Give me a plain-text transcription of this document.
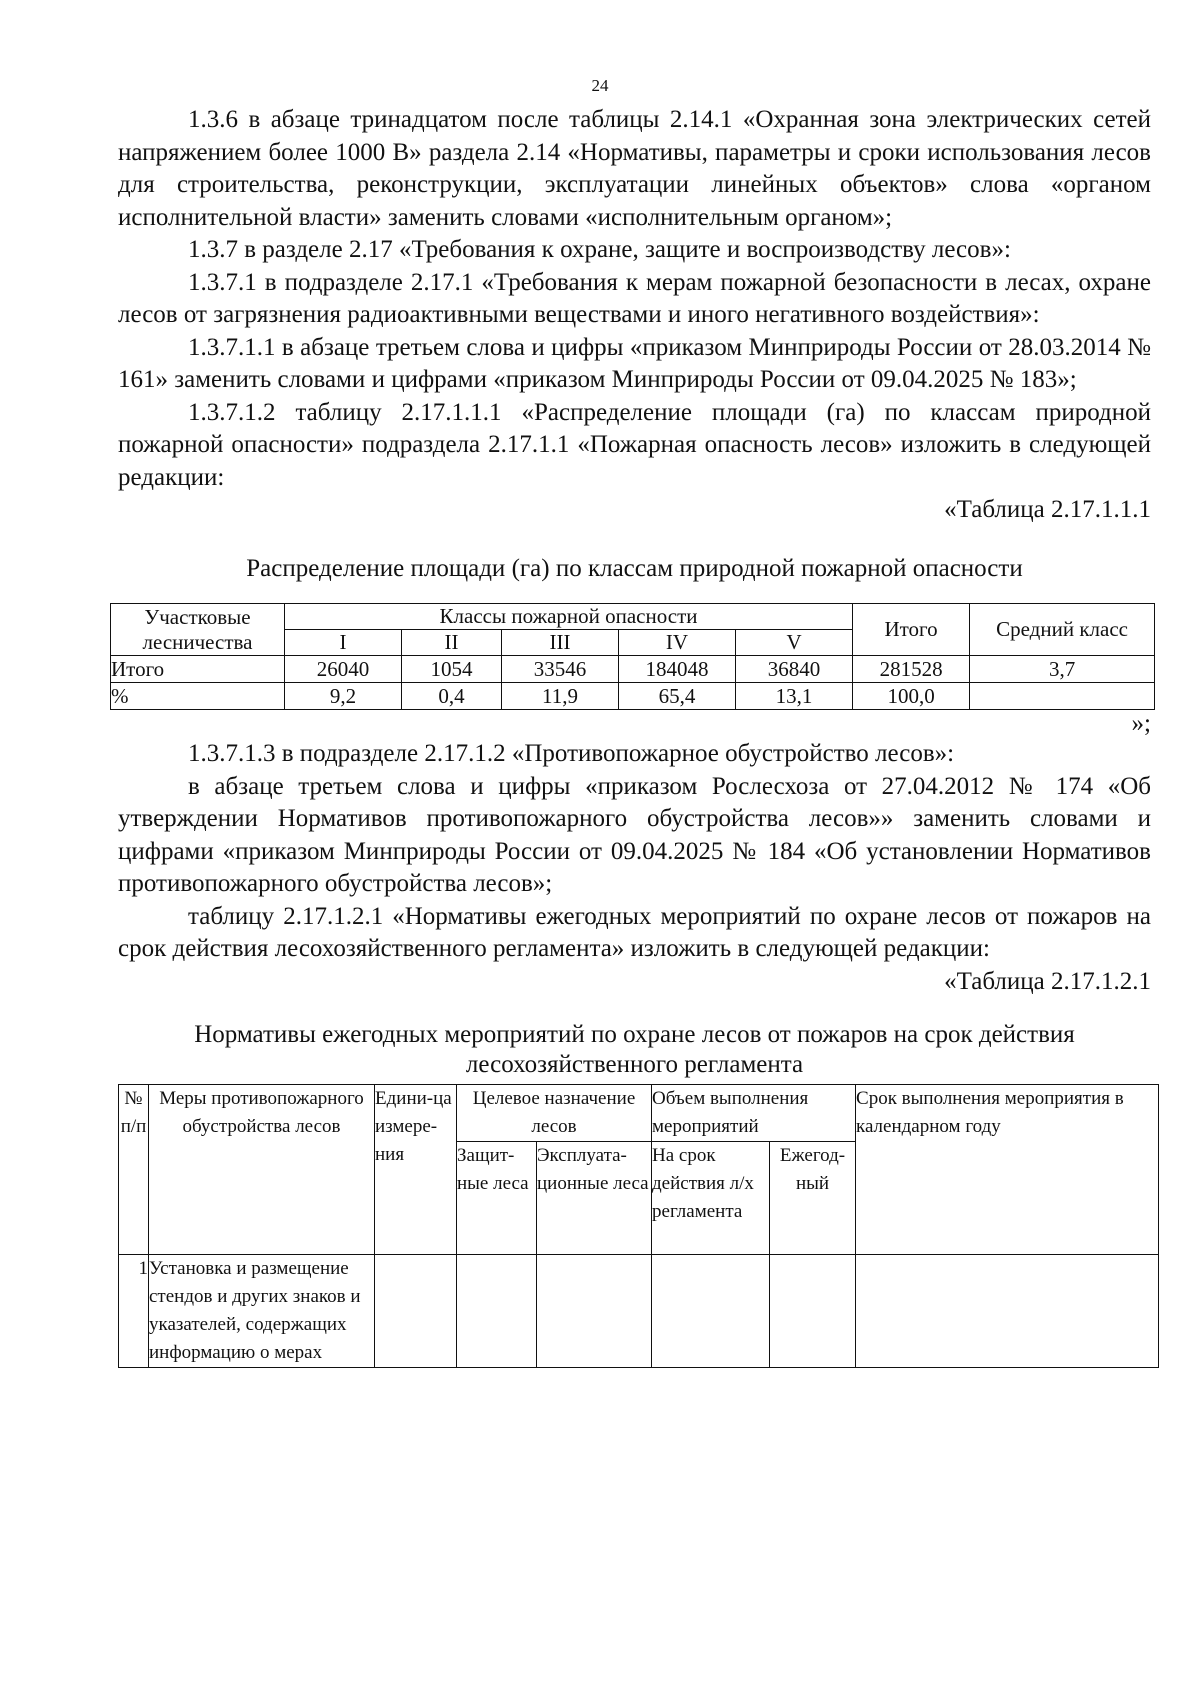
24

1.3.6 в абзаце тринадцатом после таблицы 2.14.1 «Охранная зона электрических сетей напряжением более 1000 В» раздела 2.14 «Нормативы, параметры и сроки использования лесов для строительства, реконструкции, эксплуатации линейных объектов» слова «органом исполнительной власти» заменить словами «исполнительным органом»;

1.3.7 в разделе 2.17 «Требования к охране, защите и воспроизводству лесов»:

1.3.7.1 в подразделе 2.17.1 «Требования к мерам пожарной безопасности в лесах, охране лесов от загрязнения радиоактивными веществами и иного негативного воздействия»:

1.3.7.1.1 в абзаце третьем слова и цифры «приказом Минприроды России от 28.03.2014 № 161» заменить словами и цифрами «приказом Минприроды России от 09.04.2025 № 183»;

1.3.7.1.2 таблицу 2.17.1.1.1 «Распределение площади (га) по классам природной пожарной опасности» подраздела 2.17.1.1 «Пожарная опасность лесов» изложить в следующей редакции:

«Таблица 2.17.1.1.1

Распределение площади (га) по классам природной пожарной опасности

Участковые лесничества	Классы пожарной опасности					Итого	Средний класс
	I	II	III	IV	V		
Итого	26040	1054	33546	184048	36840	281528	3,7
%	9,2	0,4	11,9	65,4	13,1	100,0	

»;

1.3.7.1.3 в подразделе 2.17.1.2 «Противопожарное обустройство лесов»:

в абзаце третьем слова и цифры «приказом Рослесхоза от 27.04.2012 № 174 «Об утверждении Нормативов противопожарного обустройства лесов»» заменить словами и цифрами «приказом Минприроды России от 09.04.2025 № 184 «Об установлении Нормативов противопожарного обустройства лесов»;

таблицу 2.17.1.2.1 «Нормативы ежегодных мероприятий по охране лесов от пожаров на срок действия лесохозяйственного регламента» изложить в следующей редакции:

«Таблица 2.17.1.2.1

Нормативы ежегодных мероприятий по охране лесов от пожаров на срок действия лесохозяйственного регламента

№ п/п	Меры противопожарного обустройства лесов	Едини-ца измере-ния	Целевое назначение лесов		Объем выполнения мероприятий		Срок выполнения мероприятия в календарном году
			Защит-ные леса	Эксплуата-ционные леса	На срок действия л/х регламента	Ежегод-ный	

1	Установка и размещение стендов и других знаков и указателей, содержащих информацию о мерах						
